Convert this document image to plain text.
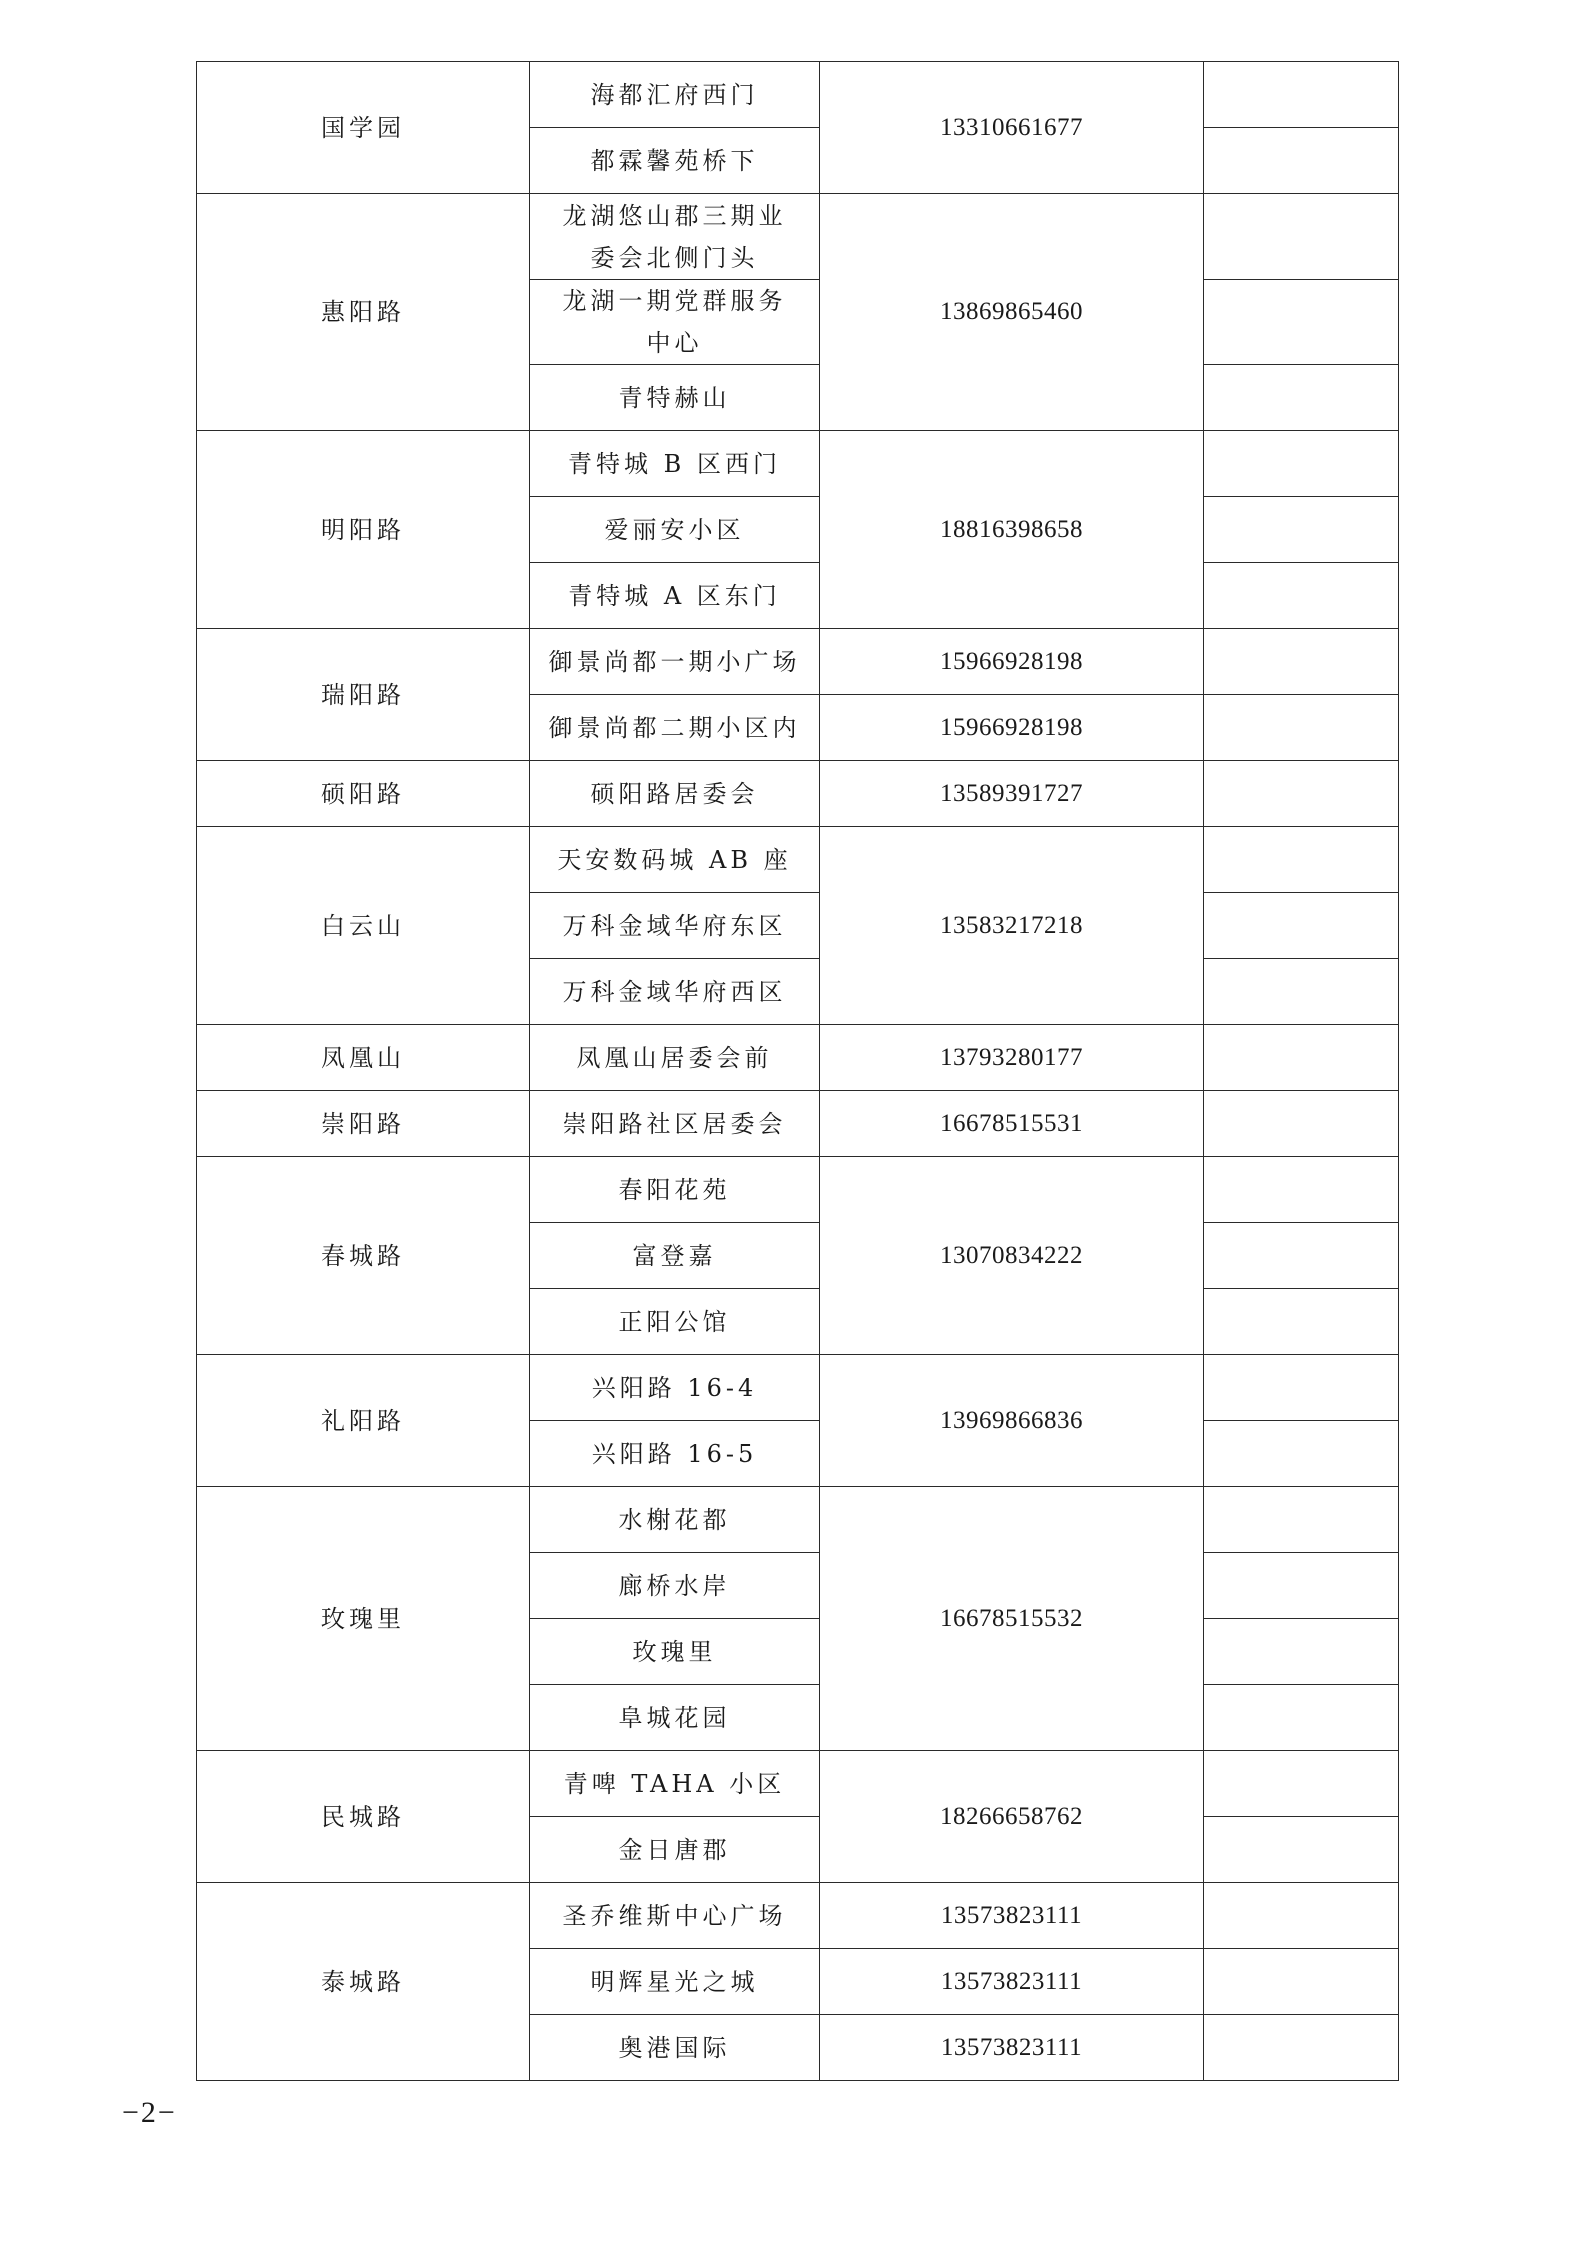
国学园	海都汇府西门	13310661677	
	都霖馨苑桥下		
惠阳路	龙湖悠山郡三期业委会北侧门头	13869865460	
	龙湖一期党群服务中心		
	青特赫山		
明阳路	青特城 B 区西门	18816398658	
	爱丽安小区		
	青特城 A 区东门		
瑞阳路	御景尚都一期小广场	15966928198	
	御景尚都二期小区内	15966928198	
硕阳路	硕阳路居委会	13589391727	
白云山	天安数码城 AB 座	13583217218	
	万科金域华府东区		
	万科金域华府西区		
凤凰山	凤凰山居委会前	13793280177	
崇阳路	崇阳路社区居委会	16678515531	
春城路	春阳花苑	13070834222	
	富登嘉		
	正阳公馆		
礼阳路	兴阳路 16-4	13969866836	
	兴阳路 16-5		
玫瑰里	水榭花都	16678515532	
	廊桥水岸		
	玫瑰里		
	阜城花园		
民城路	青啤 TAHA 小区	18266658762	
	金日唐郡		
泰城路	圣乔维斯中心广场	13573823111	
	明辉星光之城	13573823111	
	奥港国际	13573823111	
−2−
